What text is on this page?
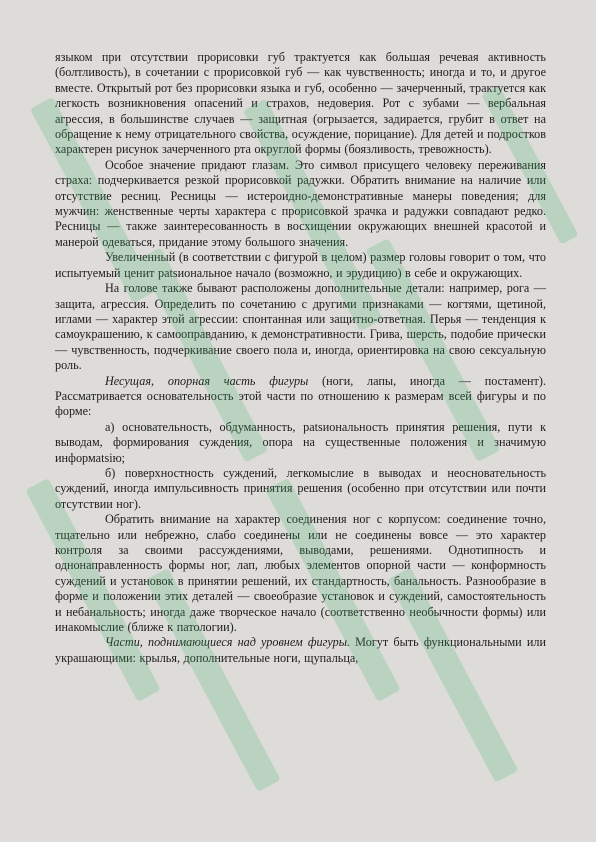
языком при отсутствии прорисовки губ трактуется как большая речевая активность (болтливость), в сочетании с прорисовкой губ — как чувственность; иногда и то, и другое вместе. Открытый рот без прорисовки языка и губ, особенно — зачерченный, трактуется как легкость возникновения опасений и страхов, недоверия. Рот с зубами — вербальная агрессия, в большинстве случаев — защитная (огрызается, задирается, грубит в ответ на обращение к нему отрицательного свойства, осуждение, порицание). Для детей и подростков характерен рисунок зачерченного рта округлой формы (боязливость, тревожность).

Особое значение придают глазам. Это символ присущего человеку переживания страха: подчеркивается резкой прорисовкой радужки. Обратить внимание на наличие или отсутствие ресниц. Ресницы — истероидно-демонстративные манеры поведения; для мужчин: женственные черты характера с прорисовкой зрачка и радужки совпадают редко. Ресницы — также заинтересованность в восхищении окружающих внешней красотой и манерой одеваться, придание этому большого значения.

Увеличенный (в соответствии с фигурой в целом) размер головы говорит о том, что испытуемый ценит patsиональное начало (возможно, и эрудицию) в себе и окружающих.

На голове также бывают расположены дополнительные детали: например, рога — защита, агрессия. Определить по сочетанию с другими признаками — когтями, щетиной, иглами — характер этой агрессии: спонтанная или защитно-ответная. Перья — тенденция к самоукрашению, к самооправданию, к демонстративности. Грива, шерсть, подобие прически — чувственность, подчеркивание своего пола и, иногда, ориентировка на свою сексуальную роль.

Несущая, опорная часть фигуры (ноги, лапы, иногда — постамент). Рассматривается основательность этой части по отношению к размерам всей фигуры и по форме:

а) основательность, обдуманность, patsиональность принятия решения, пути к выводам, формирования суждения, опора на существенные положения и значимую информatsiю;

б) поверхностность суждений, легкомыслие в выводах и неосновательность суждений, иногда импульсивность принятия решения (особенно при отсутствии или почти отсутствии ног).

Обратить внимание на характер соединения ног с корпусом: соединение точно, тщательно или небрежно, слабо соединены или не соединены вовсе — это характер контроля за своими рассуждениями, выводами, решениями. Однотипность и однонаправленность формы ног, лап, любых элементов опорной части — конформность суждений и установок в принятии решений, их стандартность, банальность. Разнообразие в форме и положении этих деталей — своеобразие установок и суждений, самостоятельность и небанальность; иногда даже творческое начало (соответственно необычности формы) или инакомыслие (ближе к патологии).

Части, поднимающиеся над уровнем фигуры. Могут быть функциональными или украшающими: крылья, дополнительные ноги, щупальца,
